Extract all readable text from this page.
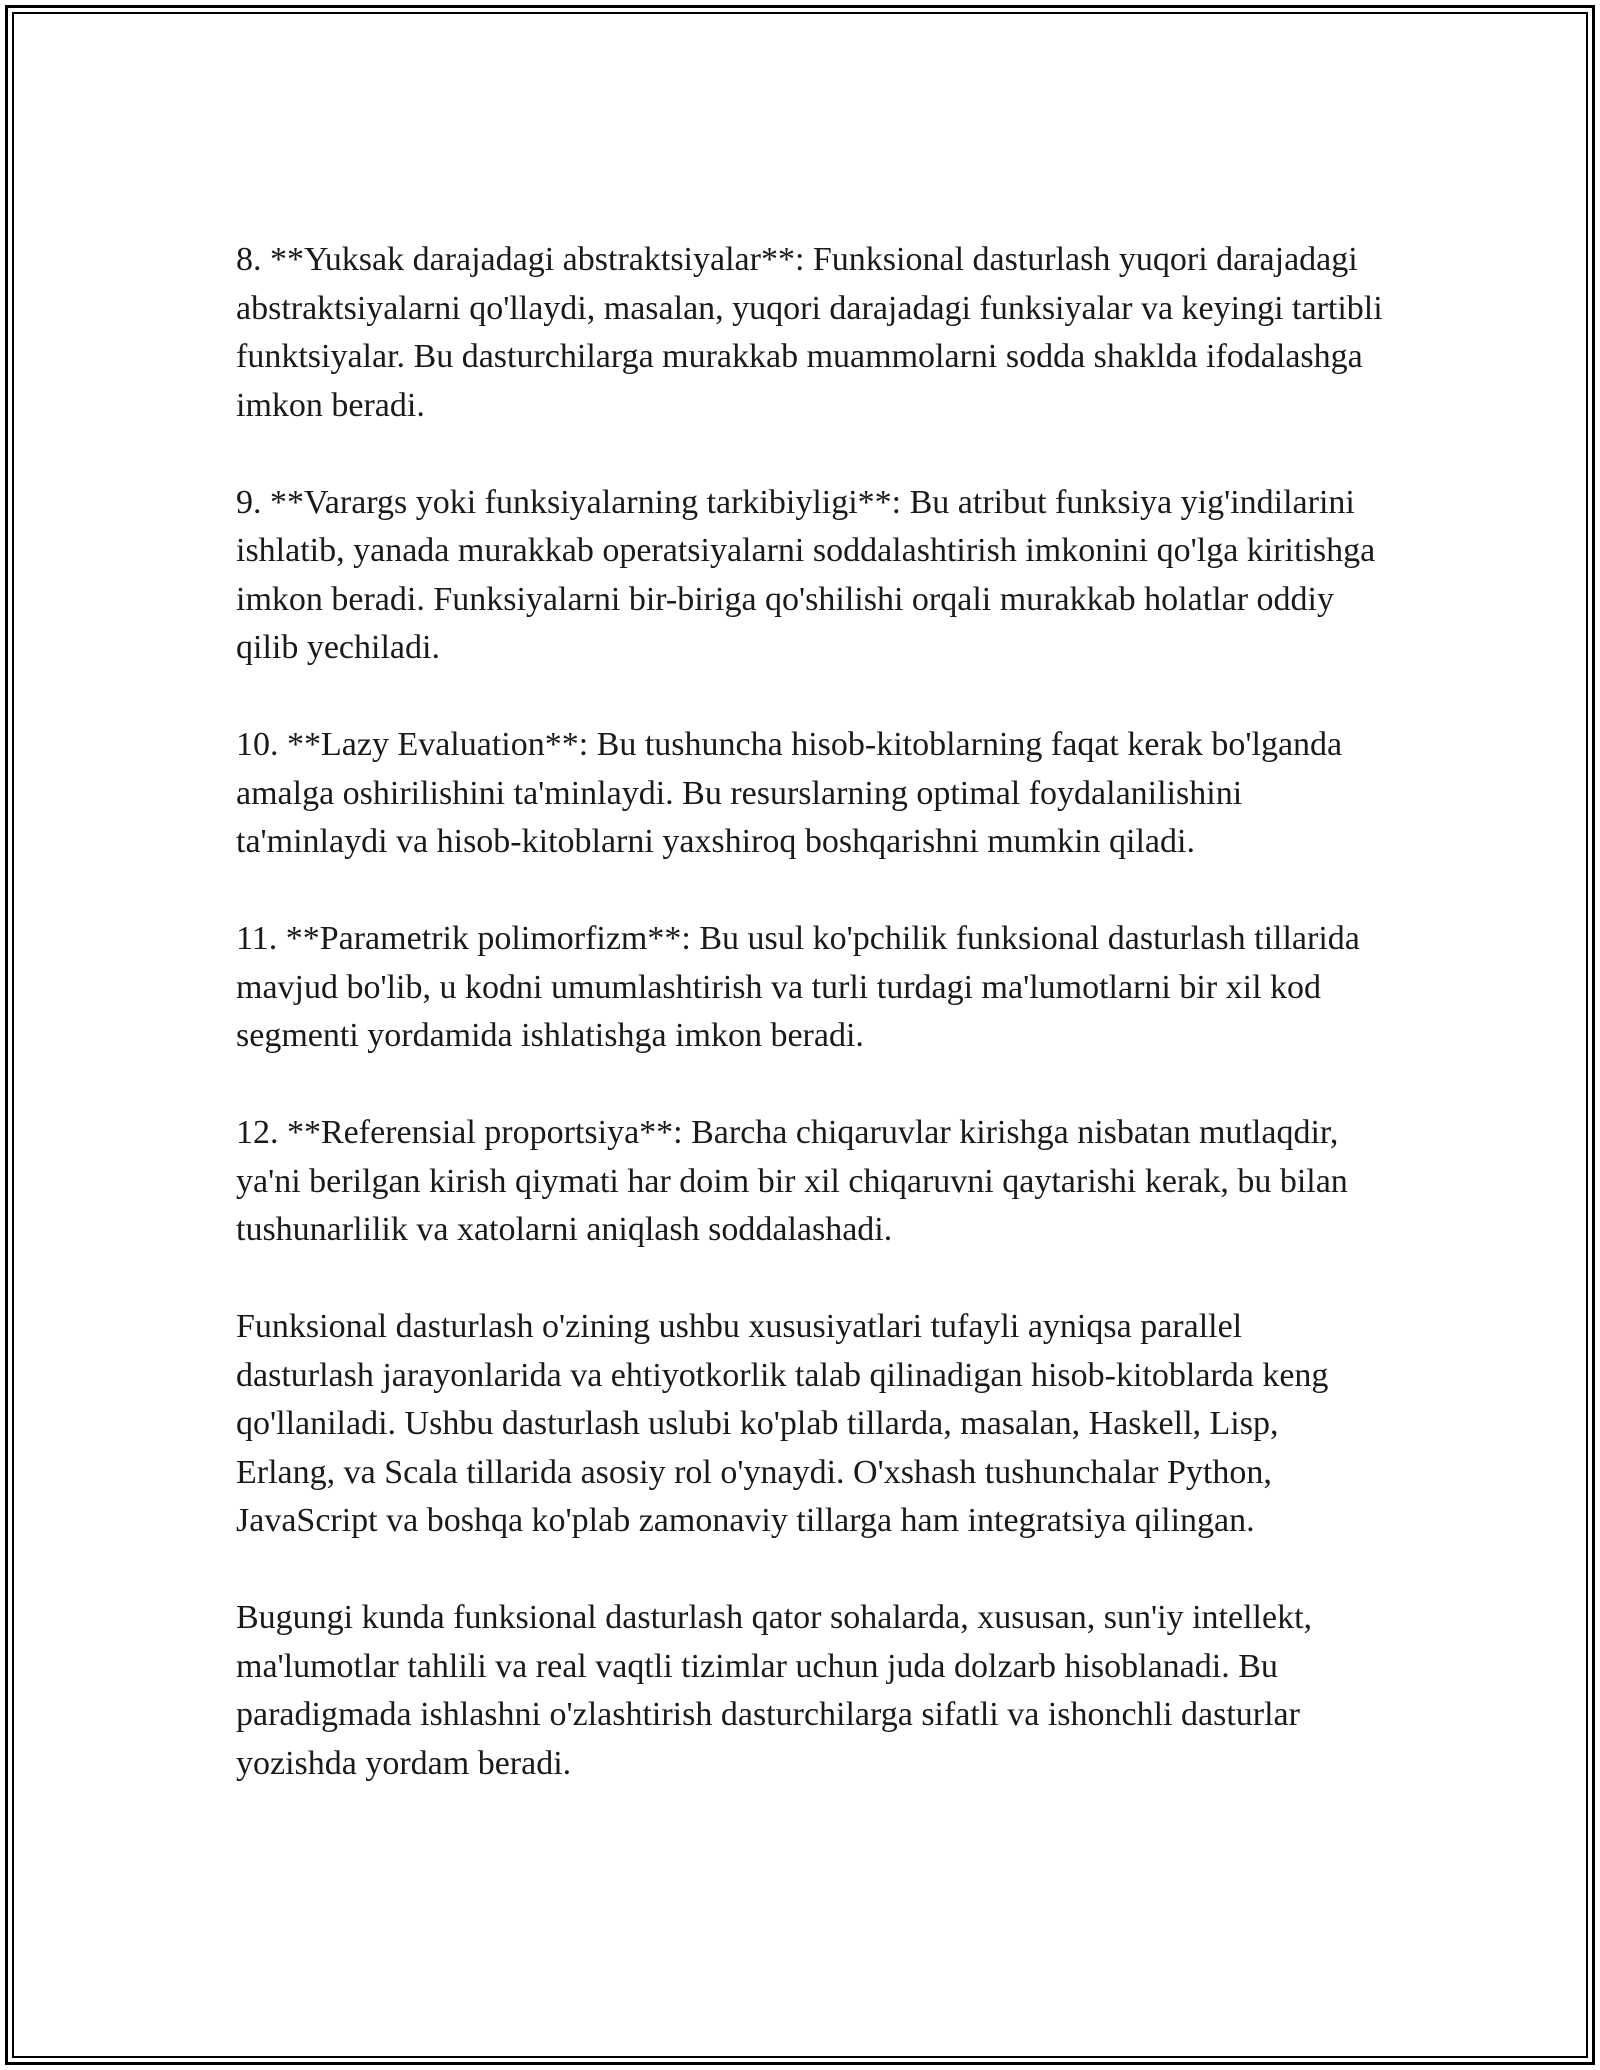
8. **Yuksak darajadagi abstraktsiyalar**: Funksional dasturlash yuqori darajadagi abstraktsiyalarni qo'llaydi, masalan, yuqori darajadagi funksiyalar va keyingi tartibli funktsiyalar. Bu dasturchilarga murakkab muammolarni sodda shaklda ifodalashga imkon beradi.

9. **Varargs yoki funksiyalarning tarkibiyligi**: Bu atribut funksiya yig'indilarini ishlatib, yanada murakkab operatsiyalarni soddalashtirish imkonini qo'lga kiritishga imkon beradi. Funksiyalarni bir-biriga qo'shilishi orqali murakkab holatlar oddiy qilib yechiladi.

10. **Lazy Evaluation**: Bu tushuncha hisob-kitoblarning faqat kerak bo'lganda amalga oshirilishini ta'minlaydi. Bu resurslarning optimal foydalanilishini ta'minlaydi va hisob-kitoblarni yaxshiroq boshqarishni mumkin qiladi.

11. **Parametrik polimorfizm**: Bu usul ko'pchilik funksional dasturlash tillarida mavjud bo'lib, u kodni umumlashtirish va turli turdagi ma'lumotlarni bir xil kod segmenti yordamida ishlatishga imkon beradi.

12. **Referensial proportsiya**: Barcha chiqaruvlar kirishga nisbatan mutlaqdir, ya'ni berilgan kirish qiymati har doim bir xil chiqaruvni qaytarishi kerak, bu bilan tushunarlilik va xatolarni aniqlash soddalashadi.

Funksional dasturlash o'zining ushbu xususiyatlari tufayli ayniqsa parallel dasturlash jarayonlarida va ehtiyotkorlik talab qilinadigan hisob-kitoblarda keng qo'llaniladi. Ushbu dasturlash uslubi ko'plab tillarda, masalan, Haskell, Lisp, Erlang, va Scala tillarida asosiy rol o'ynaydi. O'xshash tushunchalar Python, JavaScript va boshqa ko'plab zamonaviy tillarga ham integratsiya qilingan.

Bugungi kunda funksional dasturlash qator sohalarda, xususan, sun'iy intellekt, ma'lumotlar tahlili va real vaqtli tizimlar uchun juda dolzarb hisoblanadi. Bu paradigmada ishlashni o'zlashtirish dasturchilarga sifatli va ishonchli dasturlar yozishda yordam beradi.
